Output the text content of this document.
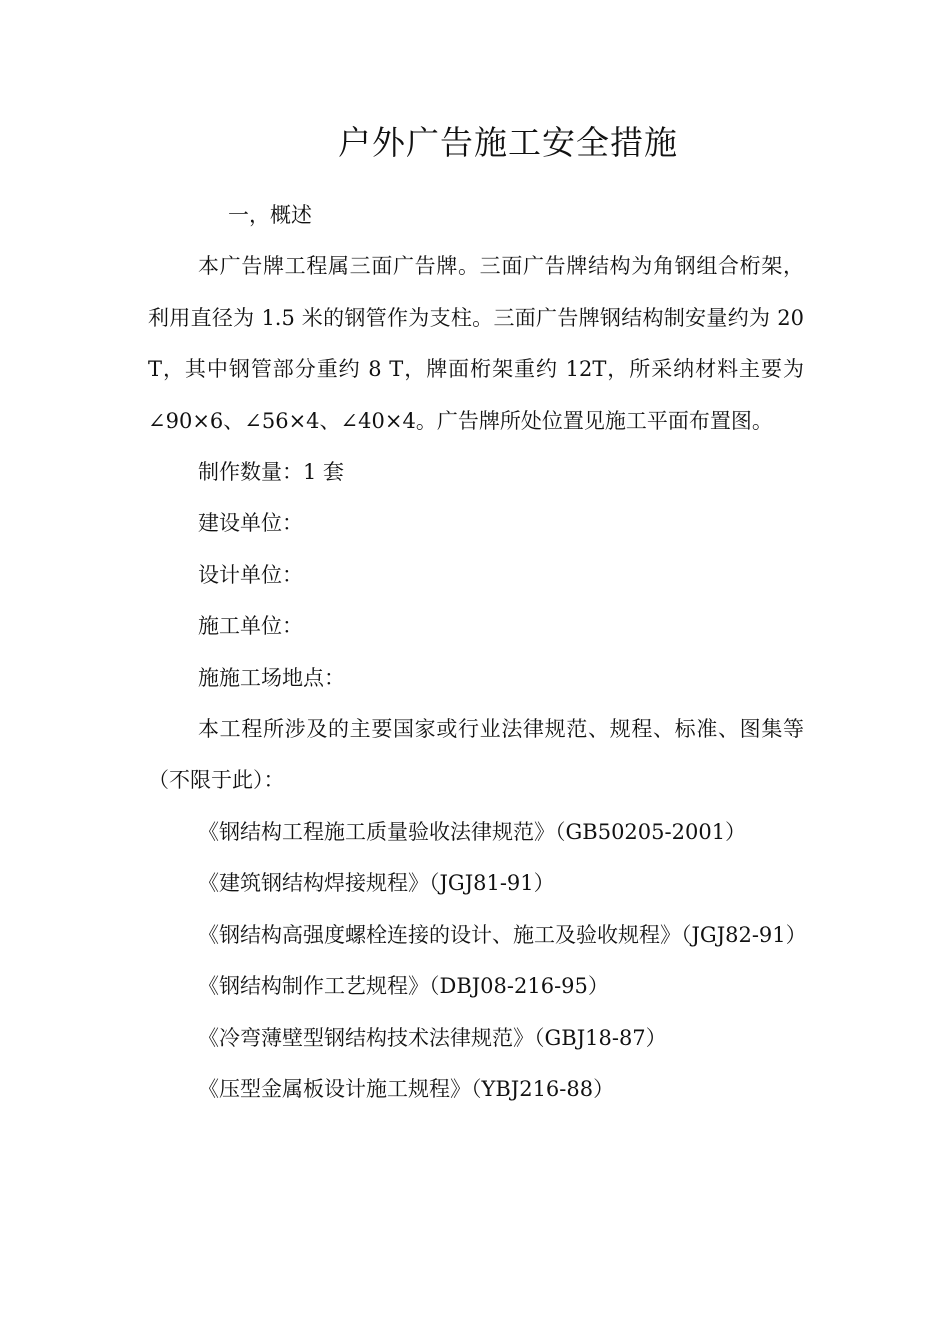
户外广告施工安全措施

一，概述

本广告牌工程属三面广告牌。三面广告牌结构为角钢组合桁架，利用直径为 1.5 米的钢管作为支柱。三面广告牌钢结构制安量约为 20 T，其中钢管部分重约 8 T，牌面桁架重约 12T，所采纳材料主要为∠90×6、∠56×4、∠40×4。广告牌所处位置见施工平面布置图。

制作数量：1 套

建设单位：

设计单位：

施工单位：

施施工场地点：

本工程所涉及的主要国家或行业法律规范、规程、标准、图集等（不限于此）：

《钢结构工程施工质量验收法律规范》（GB50205-2001）

《建筑钢结构焊接规程》（JGJ81-91）

《钢结构高强度螺栓连接的设计、施工及验收规程》（JGJ82-91）

《钢结构制作工艺规程》（DBJ08-216-95）

《冷弯薄壁型钢结构技术法律规范》（GBJ18-87）

《压型金属板设计施工规程》（YBJ216-88）
